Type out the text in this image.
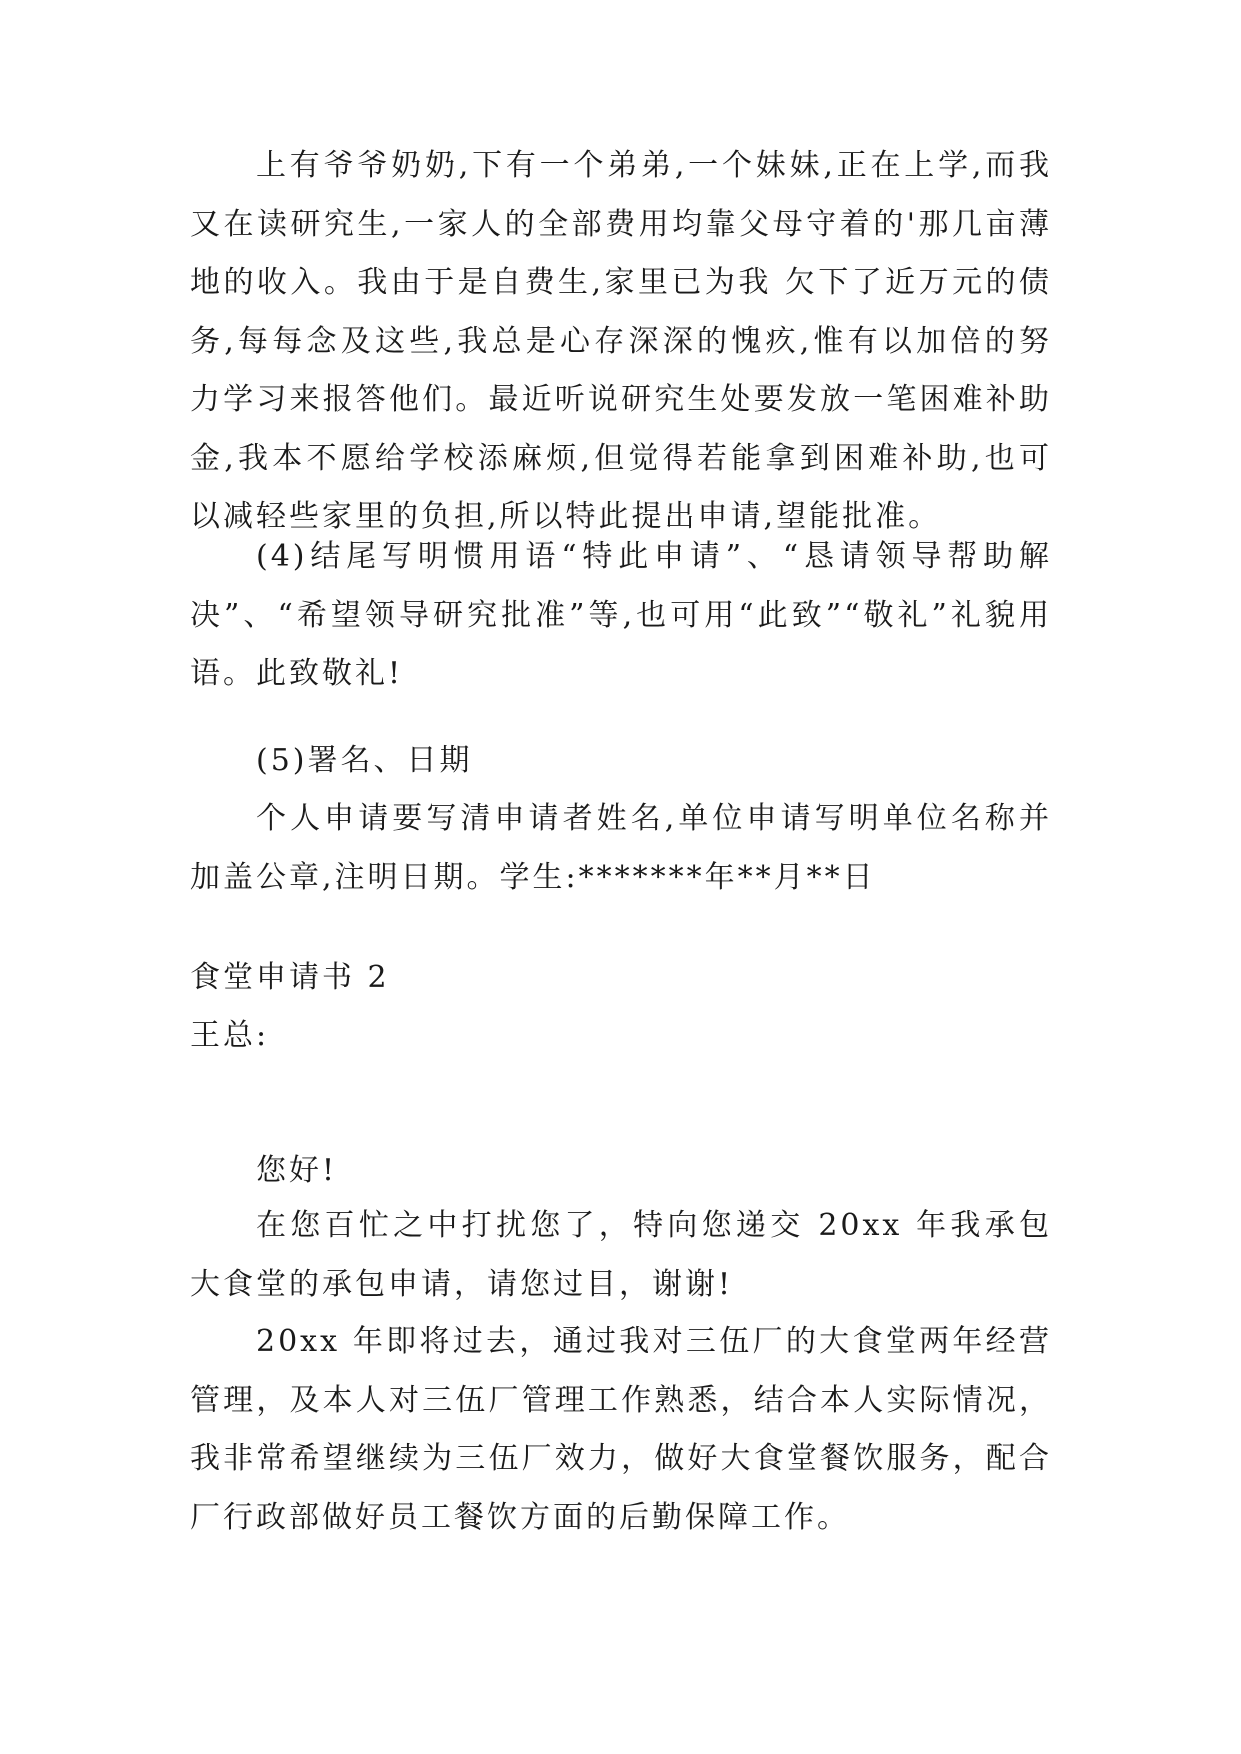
上有爷爷奶奶,下有一个弟弟,一个妹妹,正在上学,而我又在读研究生,一家人的全部费用均靠父母守着的'那几亩薄地的收入。我由于是自费生,家里已为我 欠下了近万元的债务,每每念及这些,我总是心存深深的愧疚,惟有以加倍的努力学习来报答他们。最近听说研究生处要发放一笔困难补助金,我本不愿给学校添麻烦,但觉得若能拿到困难补助,也可以减轻些家里的负担,所以特此提出申请,望能批准。

(4)结尾写明惯用语“特此申请”、“恳请领导帮助解决”、“希望领导研究批准”等,也可用“此致”“敬礼”礼貌用语。此致敬礼!

(5)署名、日期

个人申请要写清申请者姓名,单位申请写明单位名称并加盖公章,注明日期。学生:*******年**月**日

食堂申请书 2

王总:

您好!

在您百忙之中打扰您了，特向您递交 20xx 年我承包大食堂的承包申请，请您过目，谢谢!

20xx 年即将过去，通过我对三伍厂的大食堂两年经营管理，及本人对三伍厂管理工作熟悉，结合本人实际情况，我非常希望继续为三伍厂效力，做好大食堂餐饮服务，配合厂行政部做好员工餐饮方面的后勤保障工作。
